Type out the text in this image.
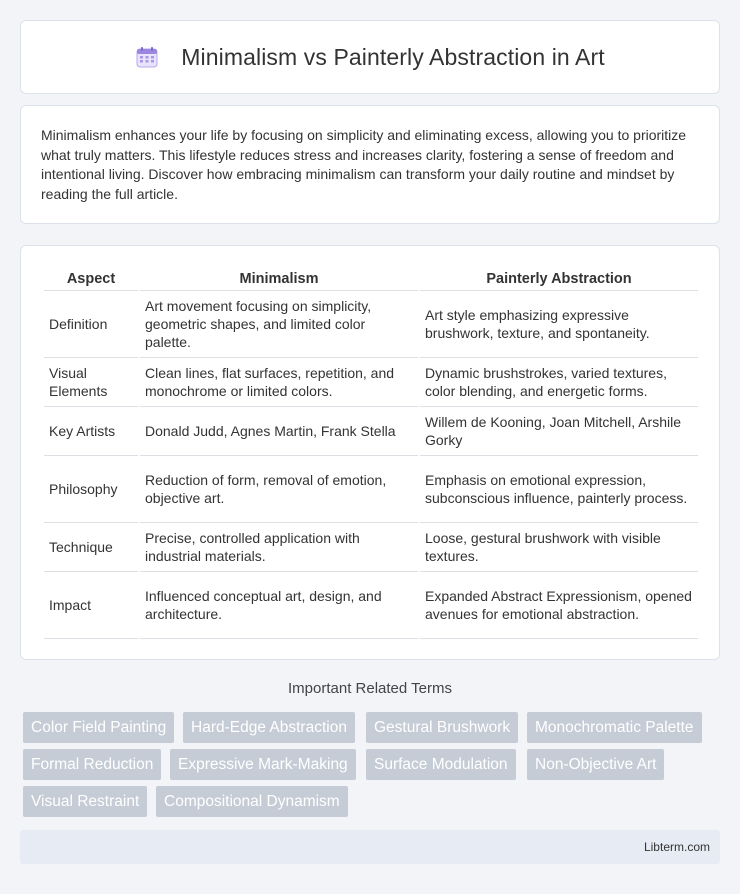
Minimalism vs Painterly Abstraction in Art

Minimalism enhances your life by focusing on simplicity and eliminating excess, allowing you to prioritize what truly matters. This lifestyle reduces stress and increases clarity, fostering a sense of freedom and intentional living. Discover how embracing minimalism can transform your daily routine and mindset by reading the full article.

Aspect	Minimalism	Painterly Abstraction
Definition	Art movement focusing on simplicity, geometric shapes, and limited color palette.	Art style emphasizing expressive brushwork, texture, and spontaneity.
Visual Elements	Clean lines, flat surfaces, repetition, and monochrome or limited colors.	Dynamic brushstrokes, varied textures, color blending, and energetic forms.
Key Artists	Donald Judd, Agnes Martin, Frank Stella	Willem de Kooning, Joan Mitchell, Arshile Gorky
Philosophy	Reduction of form, removal of emotion, objective art.	Emphasis on emotional expression, subconscious influence, painterly process.
Technique	Precise, controlled application with industrial materials.	Loose, gestural brushwork with visible textures.
Impact	Influenced conceptual art, design, and architecture.	Expanded Abstract Expressionism, opened avenues for emotional abstraction.
Important Related Terms
Color Field Painting	Hard-Edge Abstraction	Gestural Brushwork	Monochromatic Palette
Formal Reduction	Expressive Mark-Making	Surface Modulation	Non-Objective Art
Visual Restraint	Compositional Dynamism
Libterm.com
